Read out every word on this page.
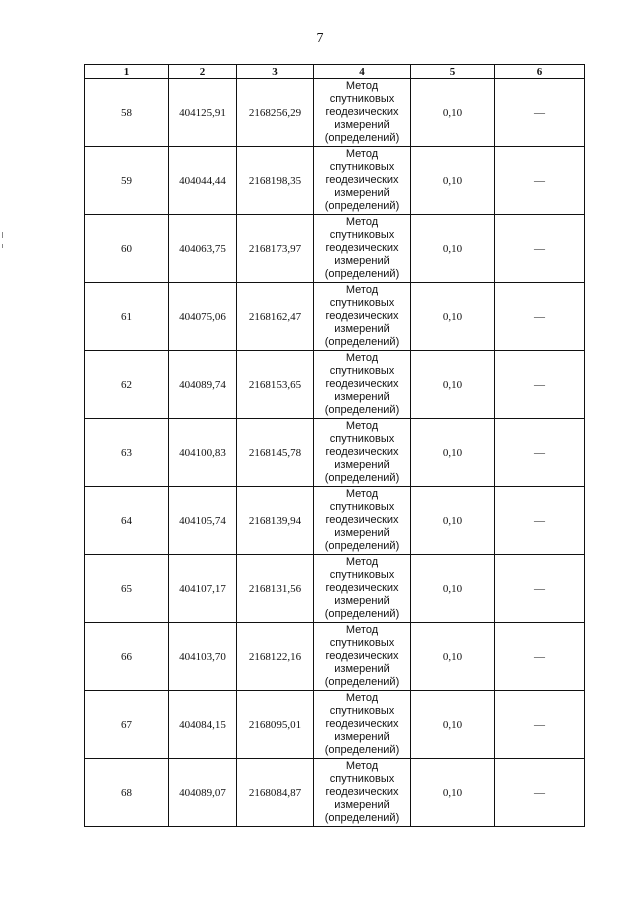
7
1	2	3	4	5	6
58	404125,91	2168256,29	Метод
спутниковых
геодезических
измерений
(определений)	0,10	—
59	404044,44	2168198,35	Метод
спутниковых
геодезических
измерений
(определений)	0,10	—
60	404063,75	2168173,97	Метод
спутниковых
геодезических
измерений
(определений)	0,10	—
61	404075,06	2168162,47	Метод
спутниковых
геодезических
измерений
(определений)	0,10	—
62	404089,74	2168153,65	Метод
спутниковых
геодезических
измерений
(определений)	0,10	—
63	404100,83	2168145,78	Метод
спутниковых
геодезических
измерений
(определений)	0,10	—
64	404105,74	2168139,94	Метод
спутниковых
геодезических
измерений
(определений)	0,10	—
65	404107,17	2168131,56	Метод
спутниковых
геодезических
измерений
(определений)	0,10	—
66	404103,70	2168122,16	Метод
спутниковых
геодезических
измерений
(определений)	0,10	—
67	404084,15	2168095,01	Метод
спутниковых
геодезических
измерений
(определений)	0,10	—
68	404089,07	2168084,87	Метод
спутниковых
геодезических
измерений
(определений)	0,10	—
